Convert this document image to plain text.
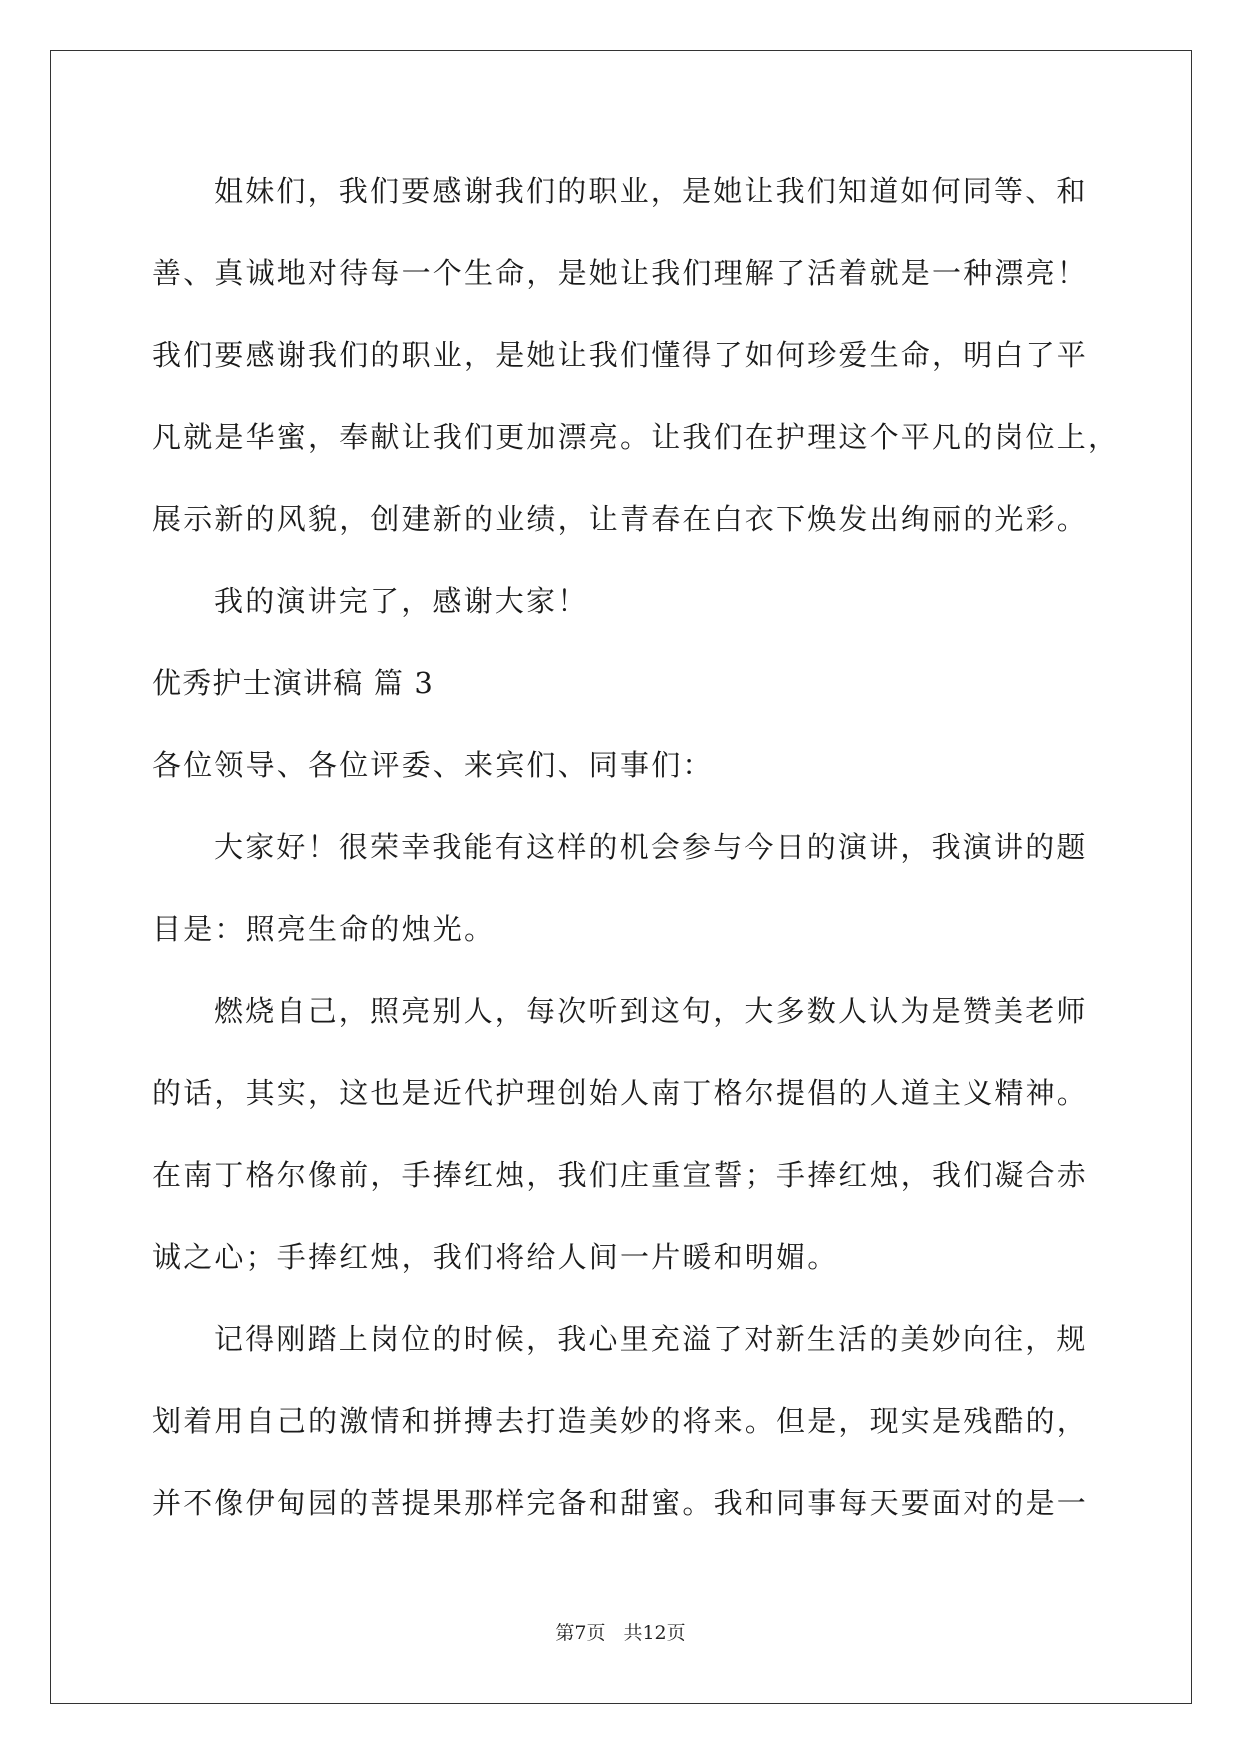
姐妹们，我们要感谢我们的职业，是她让我们知道如何同等、和
善、真诚地对待每一个生命，是她让我们理解了活着就是一种漂亮！
我们要感谢我们的职业，是她让我们懂得了如何珍爱生命，明白了平
凡就是华蜜，奉献让我们更加漂亮。让我们在护理这个平凡的岗位上，
展示新的风貌，创建新的业绩，让青春在白衣下焕发出绚丽的光彩。
我的演讲完了，感谢大家！
优秀护士演讲稿 篇 3
各位领导、各位评委、来宾们、同事们：
大家好！很荣幸我能有这样的机会参与今日的演讲，我演讲的题
目是：照亮生命的烛光。
燃烧自己，照亮别人，每次听到这句，大多数人认为是赞美老师
的话，其实，这也是近代护理创始人南丁格尔提倡的人道主义精神。
在南丁格尔像前，手捧红烛，我们庄重宣誓；手捧红烛，我们凝合赤
诚之心；手捧红烛，我们将给人间一片暖和明媚。
记得刚踏上岗位的时候，我心里充溢了对新生活的美妙向往，规
划着用自己的激情和拼搏去打造美妙的将来。但是，现实是残酷的，
并不像伊甸园的菩提果那样完备和甜蜜。我和同事每天要面对的是一
第7页 共12页
